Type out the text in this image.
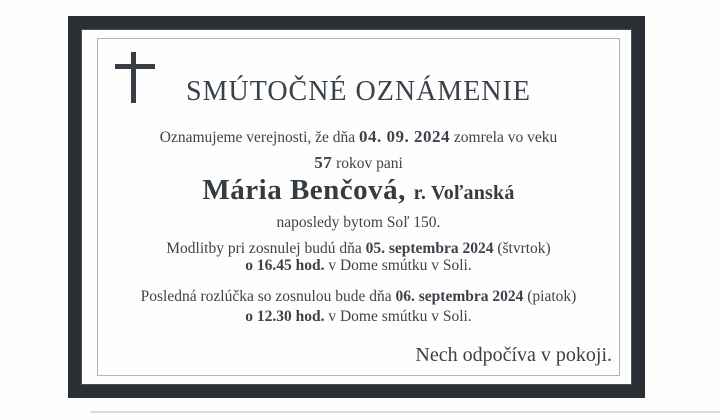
SMÚTOČNÉ OZNÁMENIE
Oznamujeme verejnosti, že dňa 04. 09. 2024 zomrela vo veku
57 rokov pani
Mária Benčová, r. Voľanská
naposledy bytom Soľ 150.
Modlitby pri zosnulej budú dňa 05. septembra 2024 (štvrtok)
o 16.45 hod. v Dome smútku v Soli.
Posledná rozlúčka so zosnulou bude dňa 06. septembra 2024 (piatok)
o 12.30 hod. v Dome smútku v Soli.
Nech odpočíva v pokoji.
